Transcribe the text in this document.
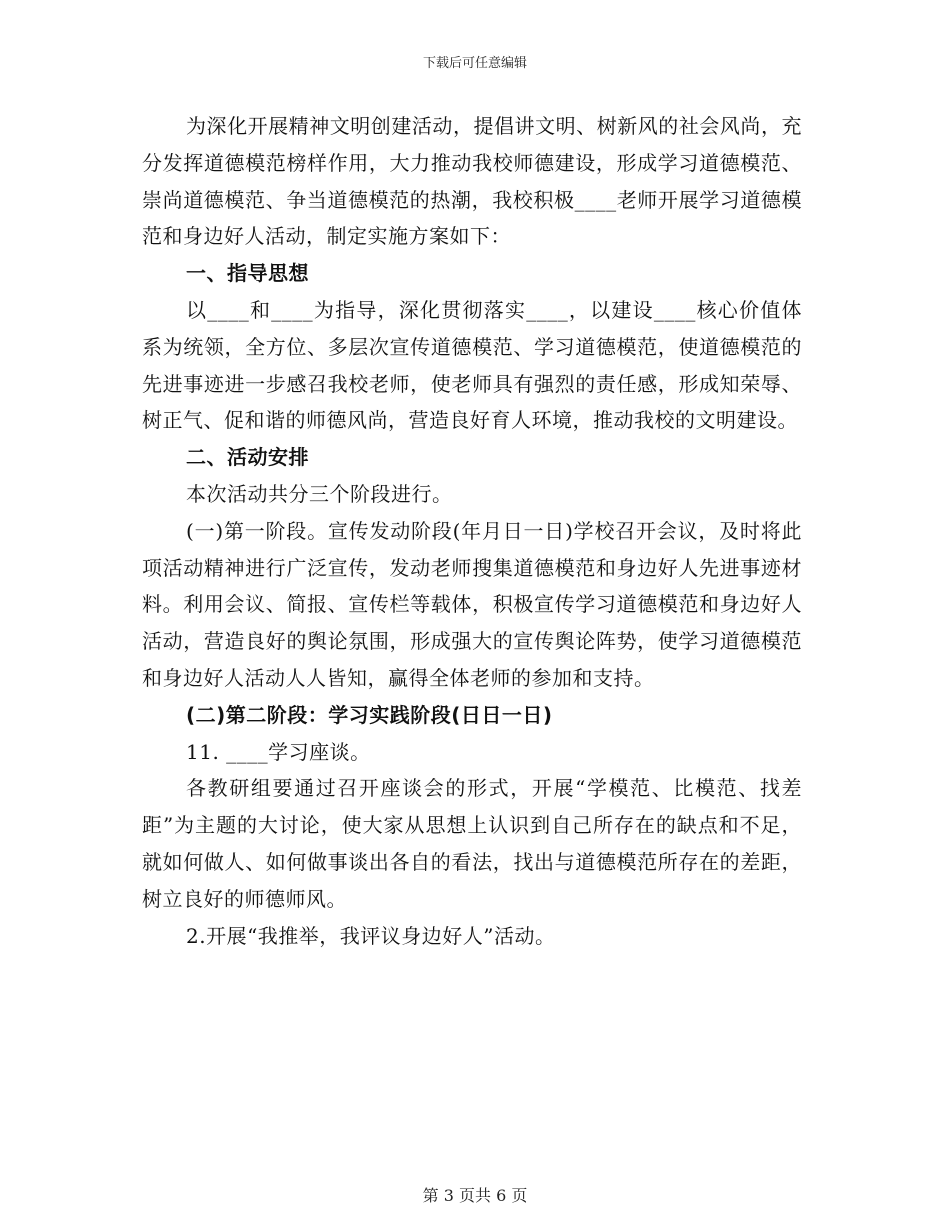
下载后可任意编辑

为深化开展精神文明创建活动，提倡讲文明、树新风的社会风尚，充分发挥道德模范榜样作用，大力推动我校师德建设，形成学习道德模范、崇尚道德模范、争当道德模范的热潮，我校积极____老师开展学习道德模范和身边好人活动，制定实施方案如下：

一、指导思想

以____和____为指导，深化贯彻落实____，以建设____核心价值体系为统领，全方位、多层次宣传道德模范、学习道德模范，使道德模范的先进事迹进一步感召我校老师，使老师具有强烈的责任感，形成知荣辱、树正气、促和谐的师德风尚，营造良好育人环境，推动我校的文明建设。

二、活动安排

本次活动共分三个阶段进行。

(一)第一阶段。宣传发动阶段(年月日一日)学校召开会议，及时将此项活动精神进行广泛宣传，发动老师搜集道德模范和身边好人先进事迹材料。利用会议、简报、宣传栏等载体，积极宣传学习道德模范和身边好人活动，营造良好的舆论氛围，形成强大的宣传舆论阵势，使学习道德模范和身边好人活动人人皆知，赢得全体老师的参加和支持。

(二)第二阶段：学习实践阶段(日日一日)

11. ____学习座谈。

各教研组要通过召开座谈会的形式，开展“学模范、比模范、找差距”为主题的大讨论，使大家从思想上认识到自己所存在的缺点和不足，就如何做人、如何做事谈出各自的看法，找出与道德模范所存在的差距，树立良好的师德师风。

2.开展“我推举，我评议身边好人”活动。

第 3 页共 6 页
